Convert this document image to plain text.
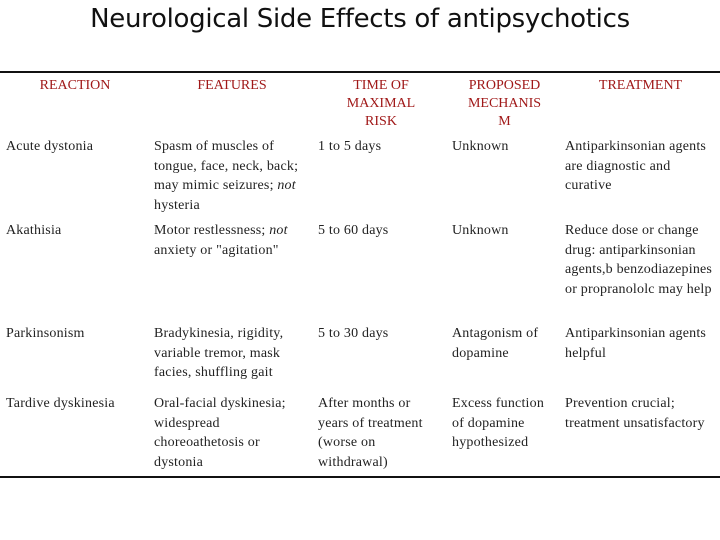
Neurological Side Effects of antipsychotics
REACTION	FEATURES	TIME OF MAXIMAL RISK	PROPOSED MECHANIS M	TREATMENT
Acute dystonia	Spasm of muscles of tongue, face, neck, back; may mimic seizures; not hysteria	1 to 5 days	Unknown	Antiparkinsonian agents are diagnostic and curative
Akathisia	Motor restlessness; not anxiety or "agitation"	5 to 60 days	Unknown	Reduce dose or change drug: antiparkinsonian agents,b benzodiazepines or propranololc may help
Parkinsonism	Bradykinesia, rigidity, variable tremor, mask facies, shuffling gait	5 to 30 days	Antagonism of dopamine	Antiparkinsonian agents helpful
Tardive dyskinesia	Oral-facial dyskinesia; widespread choreoathetosis or dystonia	After months or years of treatment (worse on withdrawal)	Excess function of dopamine hypothesized	Prevention crucial; treatment unsatisfactory
